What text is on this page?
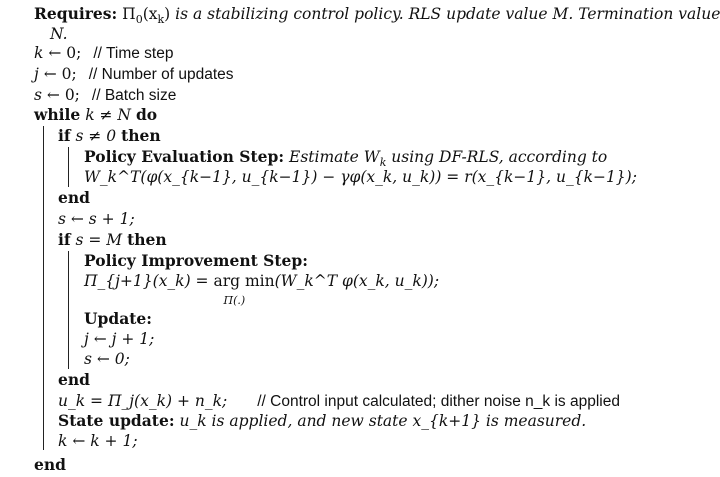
Requires: $\Pi_0(x_k)$ is a stabilizing control policy. RLS update value M. Termination value
N.
k ← 0; // Time step
j ← 0; // Number of updates
s ← 0; // Batch size
while k ≠ N do
if s ≠ 0 then
Policy Evaluation Step: Estimate $W_k$ using DF-RLS, according to
W_k^T(φ(x_{k−1}, u_{k−1}) − γφ(x_k, u_k)) = r(x_{k−1}, u_{k−1});
end
s ← s + 1;
if s = M then
Policy Improvement Step:
Π_{j+1}(x_k) = arg min
Π(.)
(W_k^T φ(x_k, u_k));
Update:
j ← j + 1;
s ← 0;
end
u_k = Π_j(x_k) + n_k; // Control input calculated; dither noise n_k is applied
State update: u_k is applied, and new state x_{k+1} is measured.
k ← k + 1;
end
